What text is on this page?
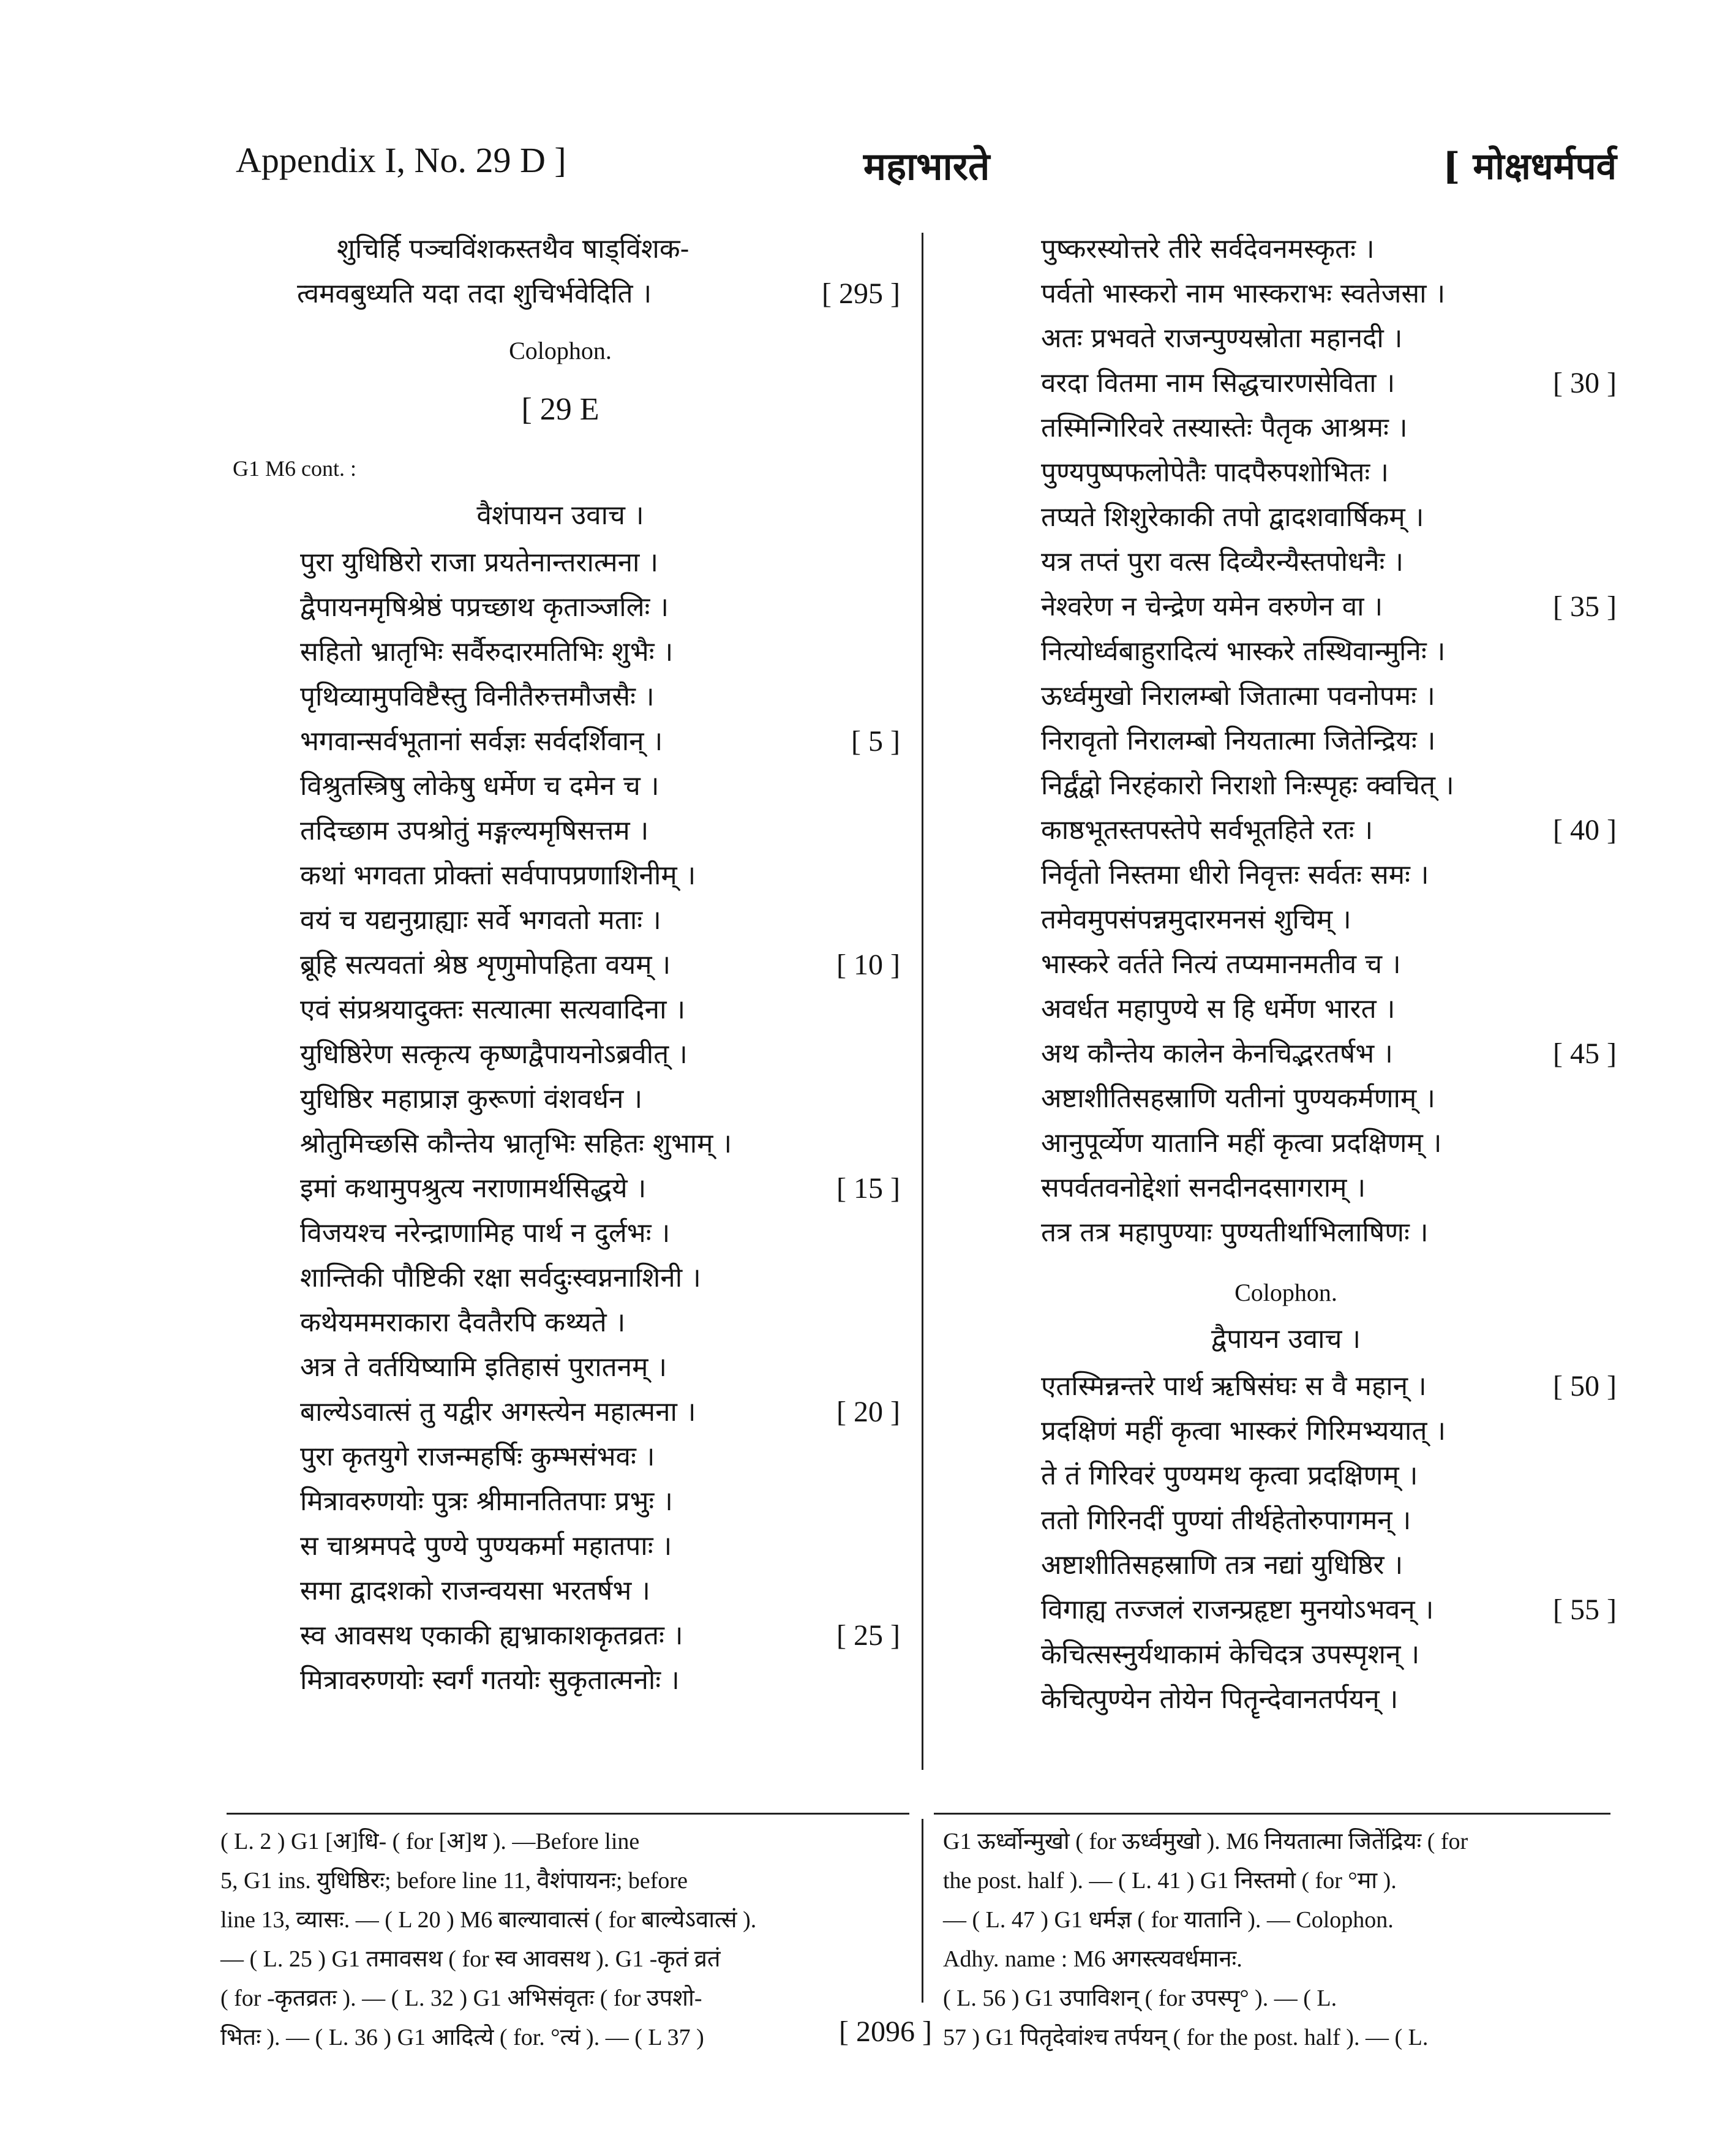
Appendix I, No. 29 D ]	महाभारते	[ मोक्षधर्मपर्व
शुचिर्हि पञ्चविंशकस्तथैव षाड्विंशक-
त्वमवबुध्यति यदा तदा शुचिर्भवेदिति ।	[ 295 ]
Colophon.
[ 29 E
G1 M6 cont. :
वैशंपायन उवाच ।
पुरा युधिष्ठिरो राजा प्रयतेनान्तरात्मना ।
द्वैपायनमृषिश्रेष्ठं पप्रच्छाथ कृताञ्जलिः ।
सहितो भ्रातृभिः सर्वैरुदारमतिभिः शुभैः ।
पृथिव्यामुपविष्टैस्तु विनीतैरुत्तमौजसैः ।
भगवान्सर्वभूतानां सर्वज्ञः सर्वदर्शिवान् ।	[ 5 ]
विश्रुतस्त्रिषु लोकेषु धर्मेण च दमेन च ।
तदिच्छाम उपश्रोतुं मङ्गल्यमृषिसत्तम ।
कथां भगवता प्रोक्तां सर्वपापप्रणाशिनीम् ।
वयं च यद्यनुग्राह्याः सर्वे भगवतो मताः ।
ब्रूहि सत्यवतां श्रेष्ठ शृणुमोपहिता वयम् ।	[ 10 ]
एवं संप्रश्रयादुक्तः सत्यात्मा सत्यवादिना ।
युधिष्ठिरेण सत्कृत्य कृष्णद्वैपायनोऽब्रवीत् ।
युधिष्ठिर महाप्राज्ञ कुरूणां वंशवर्धन ।
श्रोतुमिच्छसि कौन्तेय भ्रातृभिः सहितः शुभाम् ।
इमां कथामुपश्रुत्य नराणामर्थसिद्धये ।	[ 15 ]
विजयश्च नरेन्द्राणामिह पार्थ न दुर्लभः ।
शान्तिकी पौष्टिकी रक्षा सर्वदुःस्वप्ननाशिनी ।
कथेयममराकारा दैवतैरपि कथ्यते ।
अत्र ते वर्तयिष्यामि इतिहासं पुरातनम् ।
बाल्येऽवात्सं तु यद्वीर अगस्त्येन महात्मना ।	[ 20 ]
पुरा कृतयुगे राजन्महर्षिः कुम्भसंभवः ।
मित्रावरुणयोः पुत्रः श्रीमानतितपाः प्रभुः ।
स चाश्रमपदे पुण्ये पुण्यकर्मा महातपाः ।
समा द्वादशको राजन्वयसा भरतर्षभ ।
स्व आवसथ एकाकी ह्यभ्राकाशकृतव्रतः ।	[ 25 ]
मित्रावरुणयोः स्वर्गं गतयोः सुकृतात्मनोः ।
पुष्करस्योत्तरे तीरे सर्वदेवनमस्कृतः ।
पर्वतो भास्करो नाम भास्कराभः स्वतेजसा ।
अतः प्रभवते राजन्पुण्यस्रोता महानदी ।
वरदा वितमा नाम सिद्धचारणसेविता ।	[ 30 ]
तस्मिन्गिरिवरे तस्यास्तेः पैतृक आश्रमः ।
पुण्यपुष्पफलोपेतैः पादपैरुपशोभितः ।
तप्यते शिशुरेकाकी तपो द्वादशवार्षिकम् ।
यत्र तप्तं पुरा वत्स दिव्यैरन्यैस्तपोधनैः ।
नेश्वरेण न चेन्द्रेण यमेन वरुणेन वा ।	[ 35 ]
नित्योर्ध्वबाहुरादित्यं भास्करे तस्थिवान्मुनिः ।
ऊर्ध्वमुखो निरालम्बो जितात्मा पवनोपमः ।
निरावृतो निरालम्बो नियतात्मा जितेन्द्रियः ।
निर्द्वंद्वो निरहंकारो निराशो निःस्पृहः क्वचित् ।
काष्ठभूतस्तपस्तेपे सर्वभूतहिते रतः ।	[ 40 ]
निर्वृतो निस्तमा धीरो निवृत्तः सर्वतः समः ।
तमेवमुपसंपन्नमुदारमनसं शुचिम् ।
भास्करे वर्तते नित्यं तप्यमानमतीव च ।
अवर्धत महापुण्ये स हि धर्मेण भारत ।
अथ कौन्तेय कालेन केनचिद्भरतर्षभ ।	[ 45 ]
अष्टाशीतिसहस्राणि यतीनां पुण्यकर्मणाम् ।
आनुपूर्व्येण यातानि महीं कृत्वा प्रदक्षिणम् ।
सपर्वतवनोद्देशां सनदीनदसागराम् ।
तत्र तत्र महापुण्याः पुण्यतीर्थाभिलाषिणः ।
Colophon.
द्वैपायन उवाच ।
एतस्मिन्नन्तरे पार्थ ऋषिसंघः स वै महान् ।	[ 50 ]
प्रदक्षिणं महीं कृत्वा भास्करं गिरिमभ्ययात् ।
ते तं गिरिवरं पुण्यमथ कृत्वा प्रदक्षिणम् ।
ततो गिरिनदीं पुण्यां तीर्थहेतोरुपागमन् ।
अष्टाशीतिसहस्राणि तत्र नद्यां युधिष्ठिर ।
विगाह्य तज्जलं राजन्प्रहृष्टा मुनयोऽभवन् ।	[ 55 ]
केचित्सस्नुर्यथाकामं केचिदत्र उपस्पृशन् ।
केचित्पुण्येन तोयेन पितॄन्देवानतर्पयन् ।
( L. 2 ) G1 [अ]धि- ( for [अ]थ ). —Before line
5, G1 ins. युधिष्ठिरः; before line 11, वैशंपायनः; before
line 13, व्यासः. — ( L 20 ) M6 बाल्यावात्सं ( for बाल्येऽवात्सं ).
— ( L. 25 ) G1 तमावसथ ( for स्व आवसथ ). G1 -कृतं व्रतं
( for -कृतव्रतः ). — ( L. 32 ) G1 अभिसंवृतः ( for उपशो-
भितः ). — ( L. 36 ) G1 आदित्ये ( for. °त्यं ). — ( L 37 )
G1 ऊर्ध्वोन्मुखो ( for ऊर्ध्वमुखो ). M6 नियतात्मा जितेंद्रियः ( for
the post. half ). — ( L. 41 ) G1 निस्तमो ( for °मा ).
— ( L. 47 ) G1 धर्मज्ञ ( for यातानि ). — Colophon.
Adhy. name : M6 अगस्त्यवर्धमानः.
( L. 56 ) G1 उपाविशन् ( for उपस्पृ° ). — ( L.
57 ) G1 पितृदेवांश्च तर्पयन् ( for the post. half ). — ( L.
[ 2096 ]
